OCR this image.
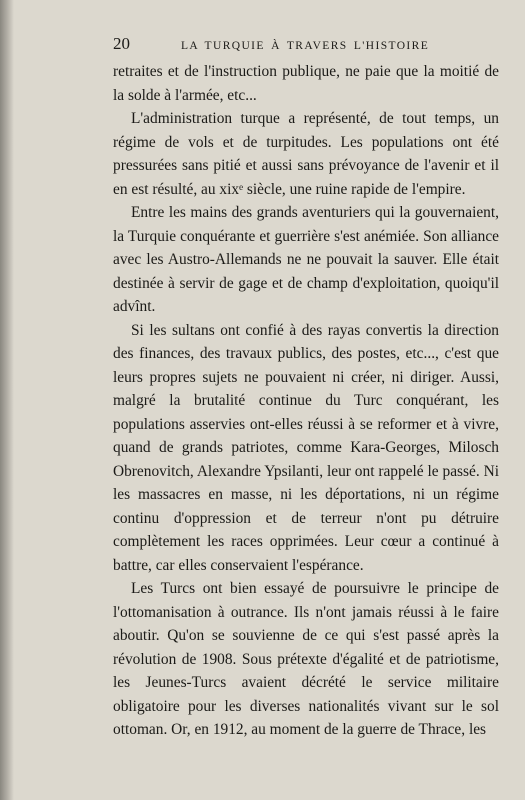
20	LA TURQUIE À TRAVERS L'HISTOIRE

retraites et de l'instruction publique, ne paie que la moitié de la solde à l'armée, etc...

L'administration turque a représenté, de tout temps, un régime de vols et de turpitudes. Les populations ont été pressurées sans pitié et aussi sans prévoyance de l'avenir et il en est résulté, au xixᵉ siècle, une ruine rapide de l'empire.

Entre les mains des grands aventuriers qui la gouvernaient, la Turquie conquérante et guerrière s'est anémiée. Son alliance avec les Austro-Allemands ne ne pouvait la sauver. Elle était destinée à servir de gage et de champ d'exploitation, quoiqu'il advînt.

Si les sultans ont confié à des rayas convertis la direction des finances, des travaux publics, des postes, etc..., c'est que leurs propres sujets ne pouvaient ni créer, ni diriger. Aussi, malgré la brutalité continue du Turc conquérant, les populations asservies ont-elles réussi à se reformer et à vivre, quand de grands patriotes, comme Kara-Georges, Milosch Obrenovitch, Alexandre Ypsilanti, leur ont rappelé le passé. Ni les massacres en masse, ni les déportations, ni un régime continu d'oppression et de terreur n'ont pu détruire complètement les races opprimées. Leur cœur a continué à battre, car elles conservaient l'espérance.

Les Turcs ont bien essayé de poursuivre le principe de l'ottomanisation à outrance. Ils n'ont jamais réussi à le faire aboutir. Qu'on se souvienne de ce qui s'est passé après la révolution de 1908. Sous prétexte d'égalité et de patriotisme, les Jeunes-Turcs avaient décrété le service militaire obligatoire pour les diverses nationalités vivant sur le sol ottoman. Or, en 1912, au moment de la guerre de Thrace, les
